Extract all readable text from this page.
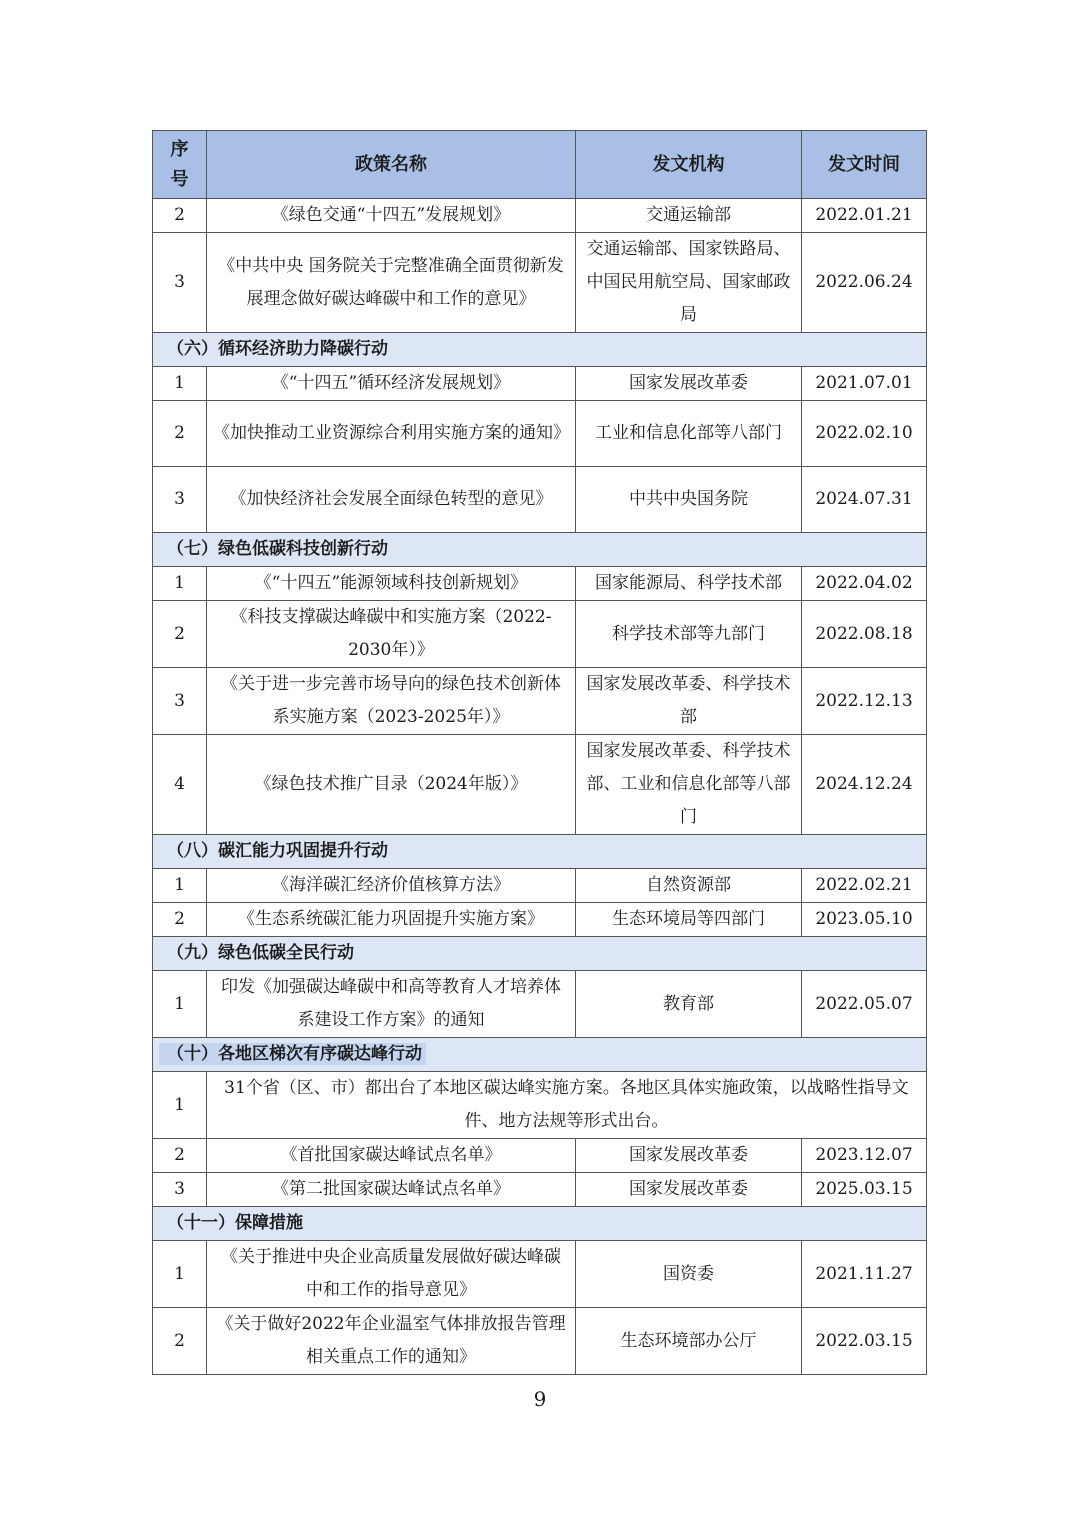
序号	政策名称	发文机构	发文时间
2	《绿色交通“十四五”发展规划》	交通运输部	2022.01.21
3	《中共中央 国务院关于完整准确全面贯彻新发展理念做好碳达峰碳中和工作的意见》	交通运输部、国家铁路局、中国民用航空局、国家邮政局	2022.06.24
（六）循环经济助力降碳行动			
1	《“十四五”循环经济发展规划》	国家发展改革委	2021.07.01
2	《加快推动工业资源综合利用实施方案的通知》	工业和信息化部等八部门	2022.02.10
3	《加快经济社会发展全面绿色转型的意见》	中共中央国务院	2024.07.31
（七）绿色低碳科技创新行动			
1	《“十四五”能源领域科技创新规划》	国家能源局、科学技术部	2022.04.02
2	《科技支撑碳达峰碳中和实施方案（2022-2030年）》	科学技术部等九部门	2022.08.18
3	《关于进一步完善市场导向的绿色技术创新体系实施方案（2023-2025年）》	国家发展改革委、科学技术部	2022.12.13
4	《绿色技术推广目录（2024年版）》	国家发展改革委、科学技术部、工业和信息化部等八部门	2024.12.24
（八）碳汇能力巩固提升行动			
1	《海洋碳汇经济价值核算方法》	自然资源部	2022.02.21
2	《生态系统碳汇能力巩固提升实施方案》	生态环境局等四部门	2023.05.10
（九）绿色低碳全民行动			
1	印发《加强碳达峰碳中和高等教育人才培养体系建设工作方案》的通知	教育部	2022.05.07
（十）各地区梯次有序碳达峰行动			
1	31个省（区、市）都出台了本地区碳达峰实施方案。各地区具体实施政策，以战略性指导文件、地方法规等形式出台。		
2	《首批国家碳达峰试点名单》	国家发展改革委	2023.12.07
3	《第二批国家碳达峰试点名单》	国家发展改革委	2025.03.15
（十一）保障措施			
1	《关于推进中央企业高质量发展做好碳达峰碳中和工作的指导意见》	国资委	2021.11.27
2	《关于做好2022年企业温室气体排放报告管理相关重点工作的通知》	生态环境部办公厅	2022.03.15
9
